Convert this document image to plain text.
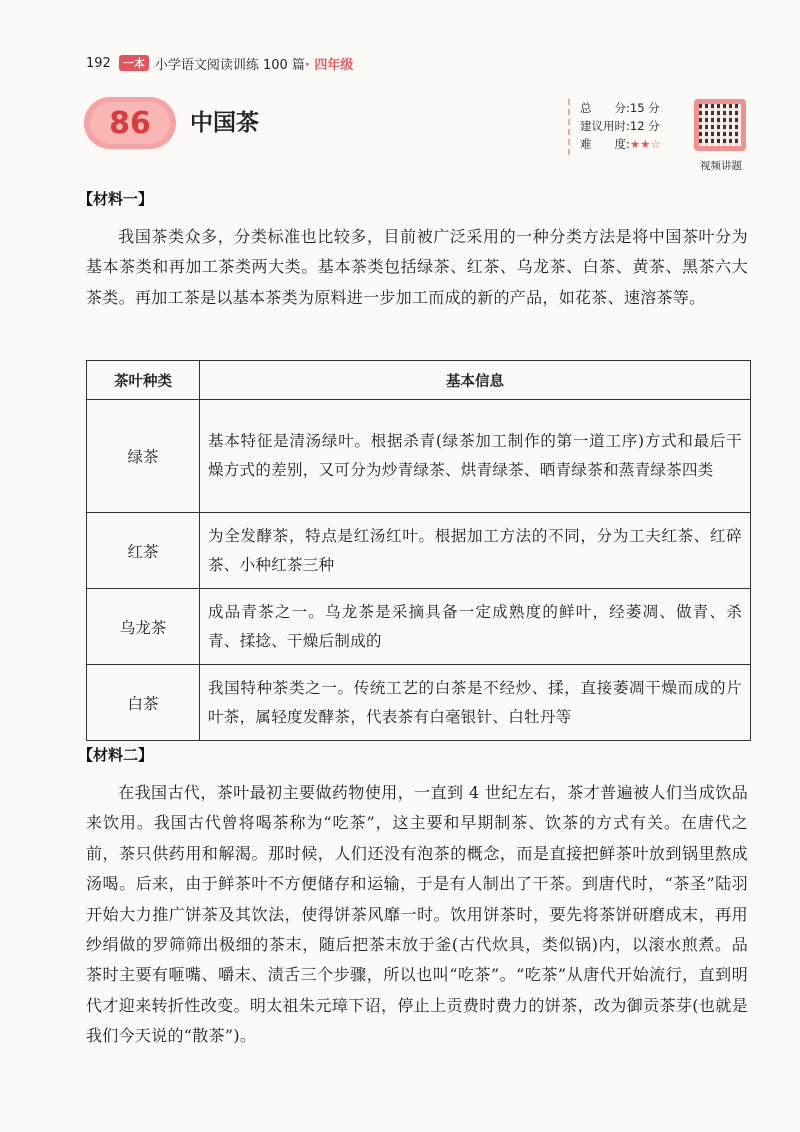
192	一本 小学语文阅读训练 100 篇 · 四年级
86	中国茶
总　　分:15 分
建议用时:12 分
难　　度:★★☆
视频讲题
【材料一】

我国茶类众多，分类标准也比较多，目前被广泛采用的一种分类方法是将中国茶叶分为基本茶类和再加工茶类两大类。基本茶类包括绿茶、红茶、乌龙茶、白茶、黄茶、黑茶六大茶类。再加工茶是以基本茶类为原料进一步加工而成的新的产品，如花茶、速溶茶等。

茶叶种类	基本信息
绿茶	基本特征是清汤绿叶。根据杀青(绿茶加工制作的第一道工序)方式和最后干燥方式的差别，又可分为炒青绿茶、烘青绿茶、晒青绿茶和蒸青绿茶四类
红茶	为全发酵茶，特点是红汤红叶。根据加工方法的不同，分为工夫红茶、红碎茶、小种红茶三种
乌龙茶	成品青茶之一。乌龙茶是采摘具备一定成熟度的鲜叶，经萎凋、做青、杀青、揉捻、干燥后制成的
白茶	我国特种茶类之一。传统工艺的白茶是不经炒、揉，直接萎凋干燥而成的片叶茶，属轻度发酵茶，代表茶有白毫银针、白牡丹等
【材料二】

在我国古代，茶叶最初主要做药物使用，一直到 4 世纪左右，茶才普遍被人们当成饮品来饮用。我国古代曾将喝茶称为“吃茶”，这主要和早期制茶、饮茶的方式有关。在唐代之前，茶只供药用和解渴。那时候，人们还没有泡茶的概念，而是直接把鲜茶叶放到锅里熬成汤喝。后来，由于鲜茶叶不方便储存和运输，于是有人制出了干茶。到唐代时，“茶圣”陆羽开始大力推广饼茶及其饮法，使得饼茶风靡一时。饮用饼茶时，要先将茶饼研磨成末，再用纱绢做的罗筛筛出极细的茶末，随后把茶末放于釜(古代炊具，类似锅)内，以滚水煎煮。品茶时主要有咂嘴、嚼末、渍舌三个步骤，所以也叫“吃茶”。“吃茶”从唐代开始流行，直到明代才迎来转折性改变。明太祖朱元璋下诏，停止上贡费时费力的饼茶，改为御贡茶芽(也就是我们今天说的“散茶”)。
